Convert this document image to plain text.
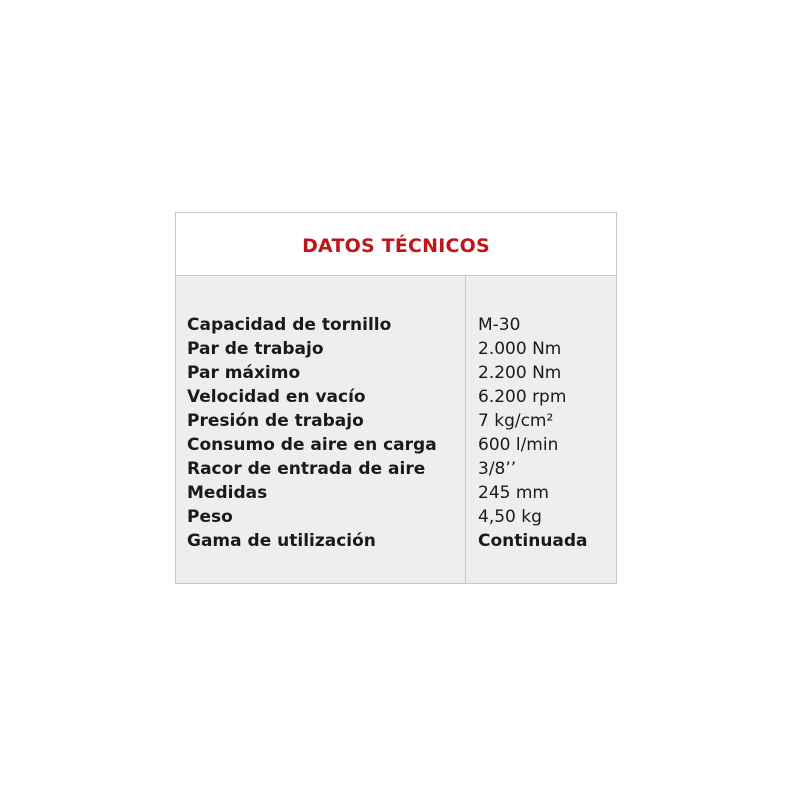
DATOS TÉCNICOS
Capacidad de tornillo	M-30
Par de trabajo	2.000 Nm
Par máximo	2.200 Nm
Velocidad en vacío	6.200 rpm
Presión de trabajo	7 kg/cm²
Consumo de aire en carga 600 l/min
Racor de entrada de aire	3/8’’
Medidas	245 mm
Peso	4,50 kg
Gama de utilización	Continuada
